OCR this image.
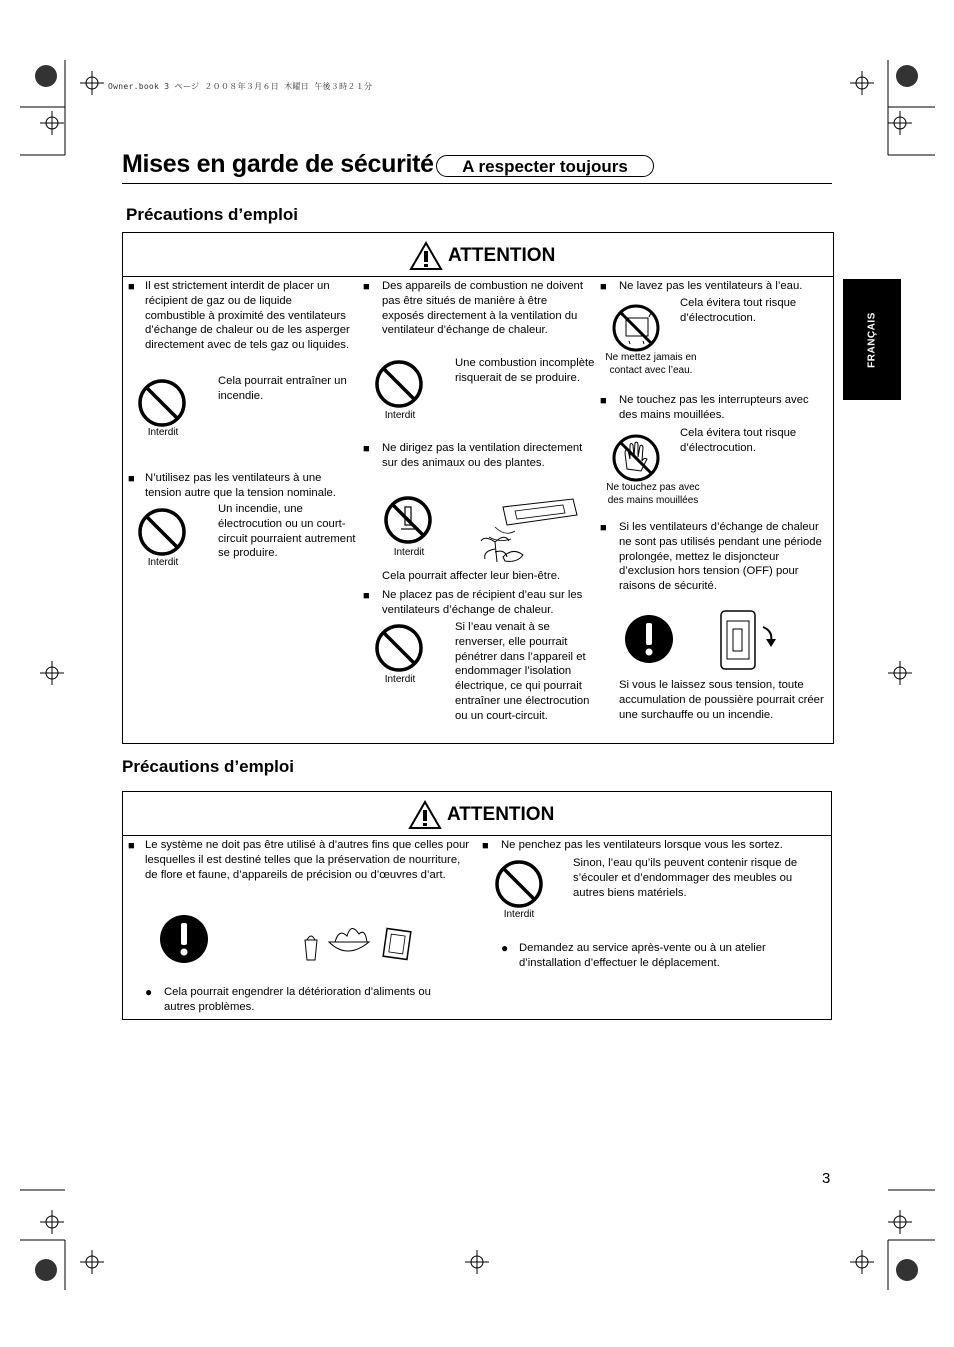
Owner.book 3 ページ ２００８年３月６日 木曜日 午後３時２１分
Mises en garde de sécurité	A respecter toujours
FRANÇAIS
Précautions d’emploi
ATTENTION
■ Il est strictement interdit de placer un récipient de gaz ou de liquide combustible à proximité des ventilateurs d’échange de chaleur ou de les asperger directement avec de tels gaz ou liquides.
Interdit
Cela pourrait entraîner un incendie.
■ N’utilisez pas les ventilateurs à une tension autre que la tension nominale.
Interdit
Un incendie, une électrocution ou un court-circuit pourraient autrement se produire.
■ Des appareils de combustion ne doivent pas être situés de manière à être exposés directement à la ventilation du ventilateur d’échange de chaleur.
Interdit
Une combustion incomplète risquerait de se produire.
■ Ne dirigez pas la ventilation directement sur des animaux ou des plantes.
Interdit
Cela pourrait affecter leur bien-être.
■ Ne placez pas de récipient d’eau sur les ventilateurs d’échange de chaleur.
Interdit
Si l’eau venait à se renverser, elle pourrait pénétrer dans l’appareil et endommager l’isolation électrique, ce qui pourrait entraîner une électrocution ou un court-circuit.
■ Ne lavez pas les ventilateurs à l’eau.
Ne mettez jamais en contact avec l’eau.
Cela évitera tout risque d’électrocution.
■ Ne touchez pas les interrupteurs avec des mains mouillées.
Ne touchez pas avec des mains mouillées
Cela évitera tout risque d’électrocution.
■ Si les ventilateurs d’échange de chaleur ne sont pas utilisés pendant une période prolongée, mettez le disjoncteur d’exclusion hors tension (OFF) pour raisons de sécurité.
Si vous le laissez sous tension, toute accumulation de poussière pourrait créer une surchauffe ou un incendie.
Précautions d’emploi
ATTENTION
■ Le système ne doit pas être utilisé à d’autres fins que celles pour lesquelles il est destiné telles que la préservation de nourriture, de flore et faune, d’appareils de précision ou d’œuvres d’art.
● Cela pourrait engendrer la détérioration d’aliments ou autres problèmes.
■ Ne penchez pas les ventilateurs lorsque vous les sortez.
Interdit
Sinon, l’eau qu’ils peuvent contenir risque de s’écouler et d’endommager des meubles ou autres biens matériels.
● Demandez au service après-vente ou à un atelier d’installation d’effectuer le déplacement.
3
